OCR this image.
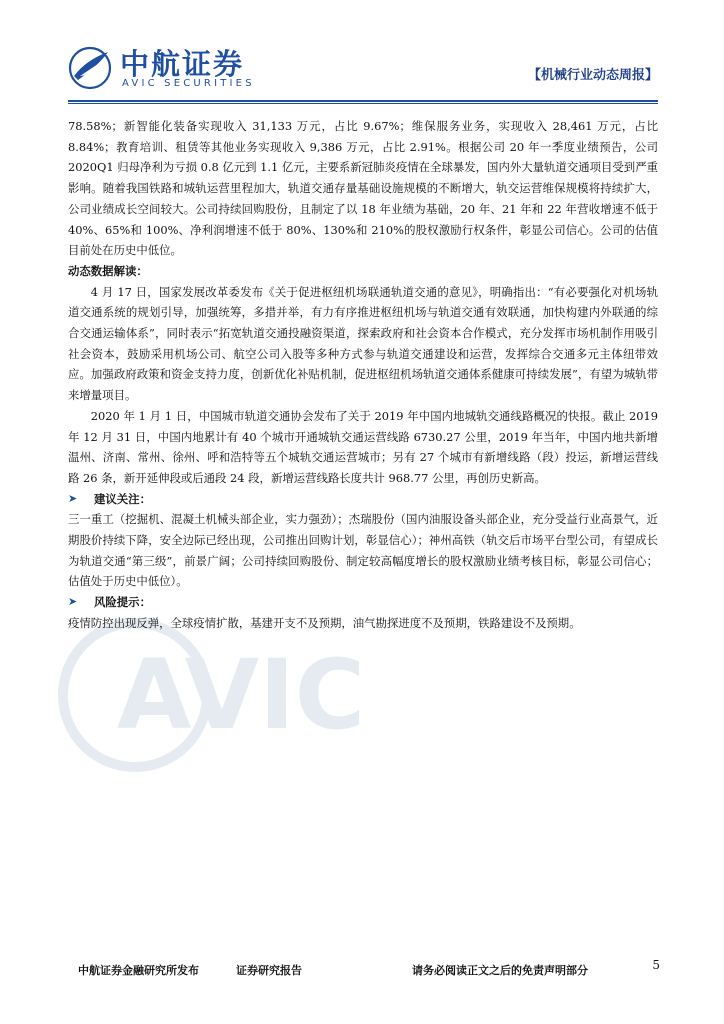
中航证券
AVIC SECURITIES
【机械行业动态周报】
AVIC

78.58%；新智能化装备实现收入 31,133 万元，占比 9.67%；维保服务业务，实现收入 28,461 万元，占比 8.84%；教育培训、租赁等其他业务实现收入 9,386 万元，占比 2.91%。根据公司 20 年一季度业绩预告，公司 2020Q1 归母净利为亏损 0.8 亿元到 1.1 亿元，主要系新冠肺炎疫情在全球暴发，国内外大量轨道交通项目受到严重影响。随着我国铁路和城轨运营里程加大，轨道交通存量基础设施规模的不断增大，轨交运营维保规模将持续扩大，公司业绩成长空间较大。公司持续回购股份，且制定了以 18 年业绩为基础，20 年、21 年和 22 年营收增速不低于 40%、65%和 100%、净利润增速不低于 80%、130%和 210%的股权激励行权条件，彰显公司信心。公司的估值目前处在历史中低位。

动态数据解读：

4 月 17 日，国家发展改革委发布《关于促进枢纽机场联通轨道交通的意见》，明确指出：“有必要强化对机场轨道交通系统的规划引导，加强统筹，多措并举，有力有序推进枢纽机场与轨道交通有效联通，加快构建内外联通的综合交通运输体系”，同时表示“拓宽轨道交通投融资渠道，探索政府和社会资本合作模式，充分发挥市场机制作用吸引社会资本，鼓励采用机场公司、航空公司入股等多种方式参与轨道交通建设和运营，发挥综合交通多元主体纽带效应。加强政府政策和资金支持力度，创新优化补贴机制，促进枢纽机场轨道交通体系健康可持续发展”，有望为城轨带来增量项目。

2020 年 1 月 1 日，中国城市轨道交通协会发布了关于 2019 年中国内地城轨交通线路概况的快报。截止 2019 年 12 月 31 日，中国内地累计有 40 个城市开通城轨交通运营线路 6730.27 公里，2019 年当年，中国内地共新增温州、济南、常州、徐州、呼和浩特等五个城轨交通运营城市；另有 27 个城市有新增线路（段）投运，新增运营线路 26 条，新开延伸段或后通段 24 段，新增运营线路长度共计 968.77 公里，再创历史新高。

➤	建议关注：

三一重工（挖掘机、混凝土机械头部企业，实力强劲）；杰瑞股份（国内油服设备头部企业，充分受益行业高景气，近期股价持续下降，安全边际已经出现，公司推出回购计划，彰显信心）；神州高铁（轨交后市场平台型公司，有望成长为轨道交通“第三级”，前景广阔；公司持续回购股份、制定较高幅度增长的股权激励业绩考核目标，彰显公司信心；估值处于历史中低位）。

➤	风险提示：

疫情防控出现反弹，全球疫情扩散，基建开支不及预期，油气勘探进度不及预期，铁路建设不及预期。

中航证券金融研究所发布	证券研究报告	请务必阅读正文之后的免责声明部分	5
